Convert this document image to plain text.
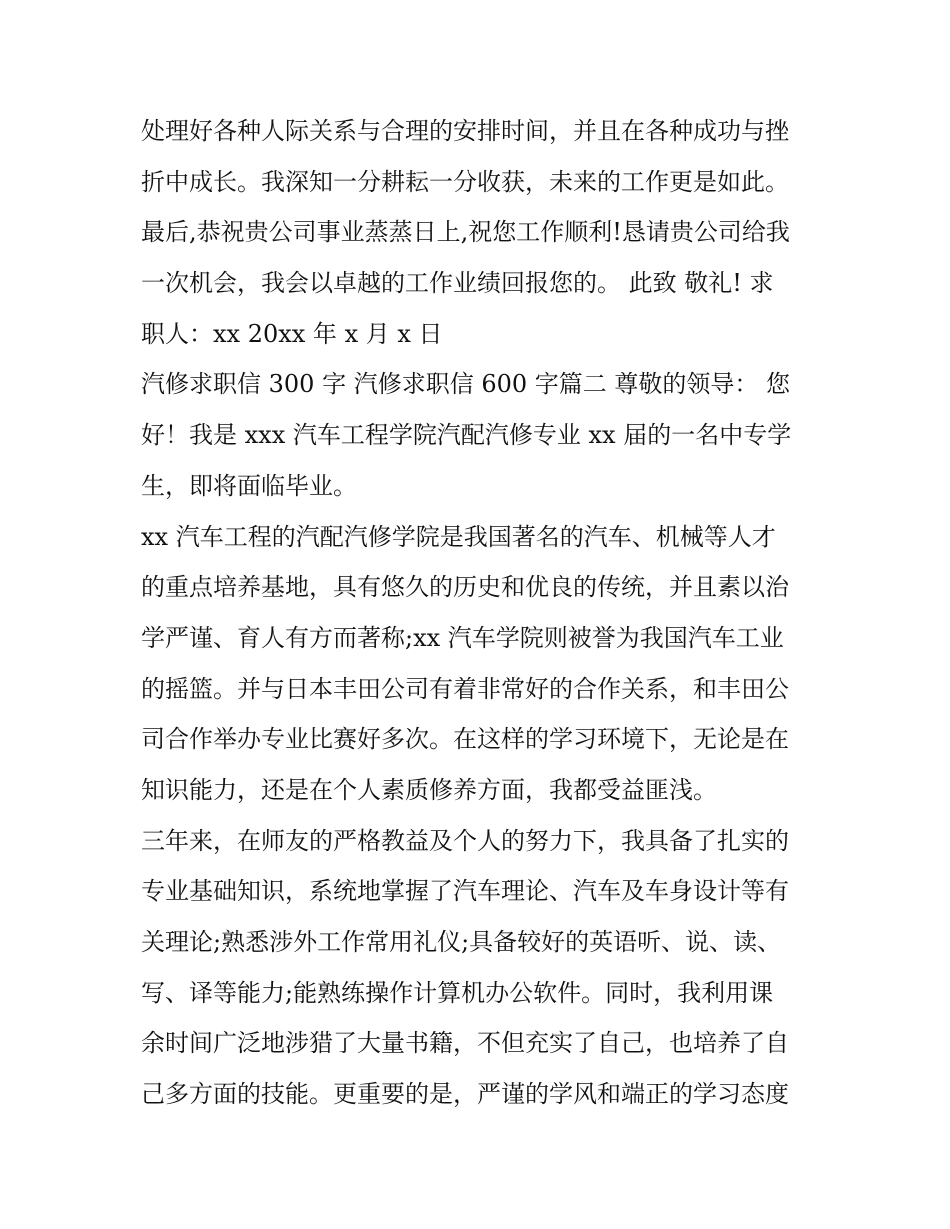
处理好各种人际关系与合理的安排时间，并且在各种成功与挫
折中成长。我深知一分耕耘一分收获，未来的工作更是如此。
最后,恭祝贵公司事业蒸蒸日上,祝您工作顺利!恳请贵公司给我
一次机会，我会以卓越的工作业绩回报您的。 此致 敬礼! 求
职人：xx 20xx 年 x 月 x 日
汽修求职信 300 字 汽修求职信 600 字篇二 尊敬的领导： 您
好！我是 xxx 汽车工程学院汽配汽修专业 xx 届的一名中专学
生，即将面临毕业。
xx 汽车工程的汽配汽修学院是我国著名的汽车、机械等人才
的重点培养基地，具有悠久的历史和优良的传统，并且素以治
学严谨、育人有方而著称;xx 汽车学院则被誉为我国汽车工业
的摇篮。并与日本丰田公司有着非常好的合作关系，和丰田公
司合作举办专业比赛好多次。在这样的学习环境下，无论是在
知识能力，还是在个人素质修养方面，我都受益匪浅。
三年来，在师友的严格教益及个人的努力下，我具备了扎实的
专业基础知识，系统地掌握了汽车理论、汽车及车身设计等有
关理论;熟悉涉外工作常用礼仪;具备较好的英语听、说、读、
写、译等能力;能熟练操作计算机办公软件。同时，我利用课
余时间广泛地涉猎了大量书籍，不但充实了自己，也培养了自
己多方面的技能。更重要的是，严谨的学风和端正的学习态度
